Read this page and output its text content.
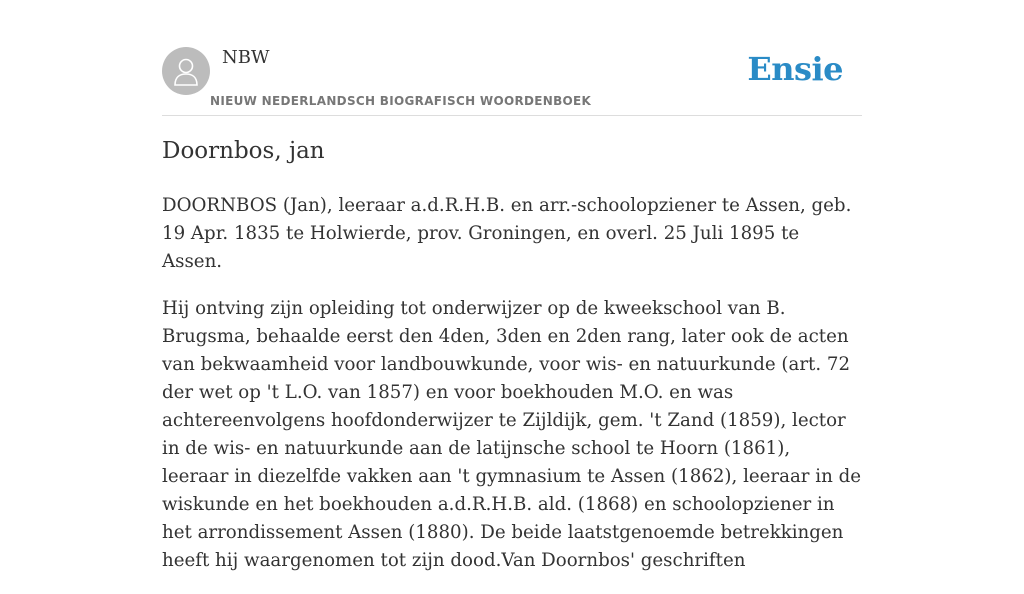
NBW
NIEUW NEDERLANDSCH BIOGRAFISCH WOORDENBOEK
Ensie
Doornbos, jan

DOORNBOS (Jan), leeraar a.d.R.H.B. en arr.-schoolopziener te Assen, geb. 19 Apr. 1835 te Holwierde, prov. Groningen, en overl. 25 Juli 1895 te Assen.

Hij ontving zijn opleiding tot onderwijzer op de kweekschool van B. Brugsma, behaalde eerst den 4den, 3den en 2den rang, later ook de acten van bekwaamheid voor landbouwkunde, voor wis- en natuurkunde (art. 72 der wet op 't L.O. van 1857) en voor boekhouden M.O. en was achtereenvolgens hoofdonderwijzer te Zijldijk, gem. 't Zand (1859), lector in de wis- en natuurkunde aan de latijnsche school te Hoorn (1861), leeraar in diezelfde vakken aan 't gymnasium te Assen (1862), leeraar in de wiskunde en het boekhouden a.d.R.H.B. ald. (1868) en schoolopziener in het arrondissement Assen (1880). De beide laatstgenoemde betrekkingen heeft hij waargenomen tot zijn dood.Van Doornbos' geschriften
